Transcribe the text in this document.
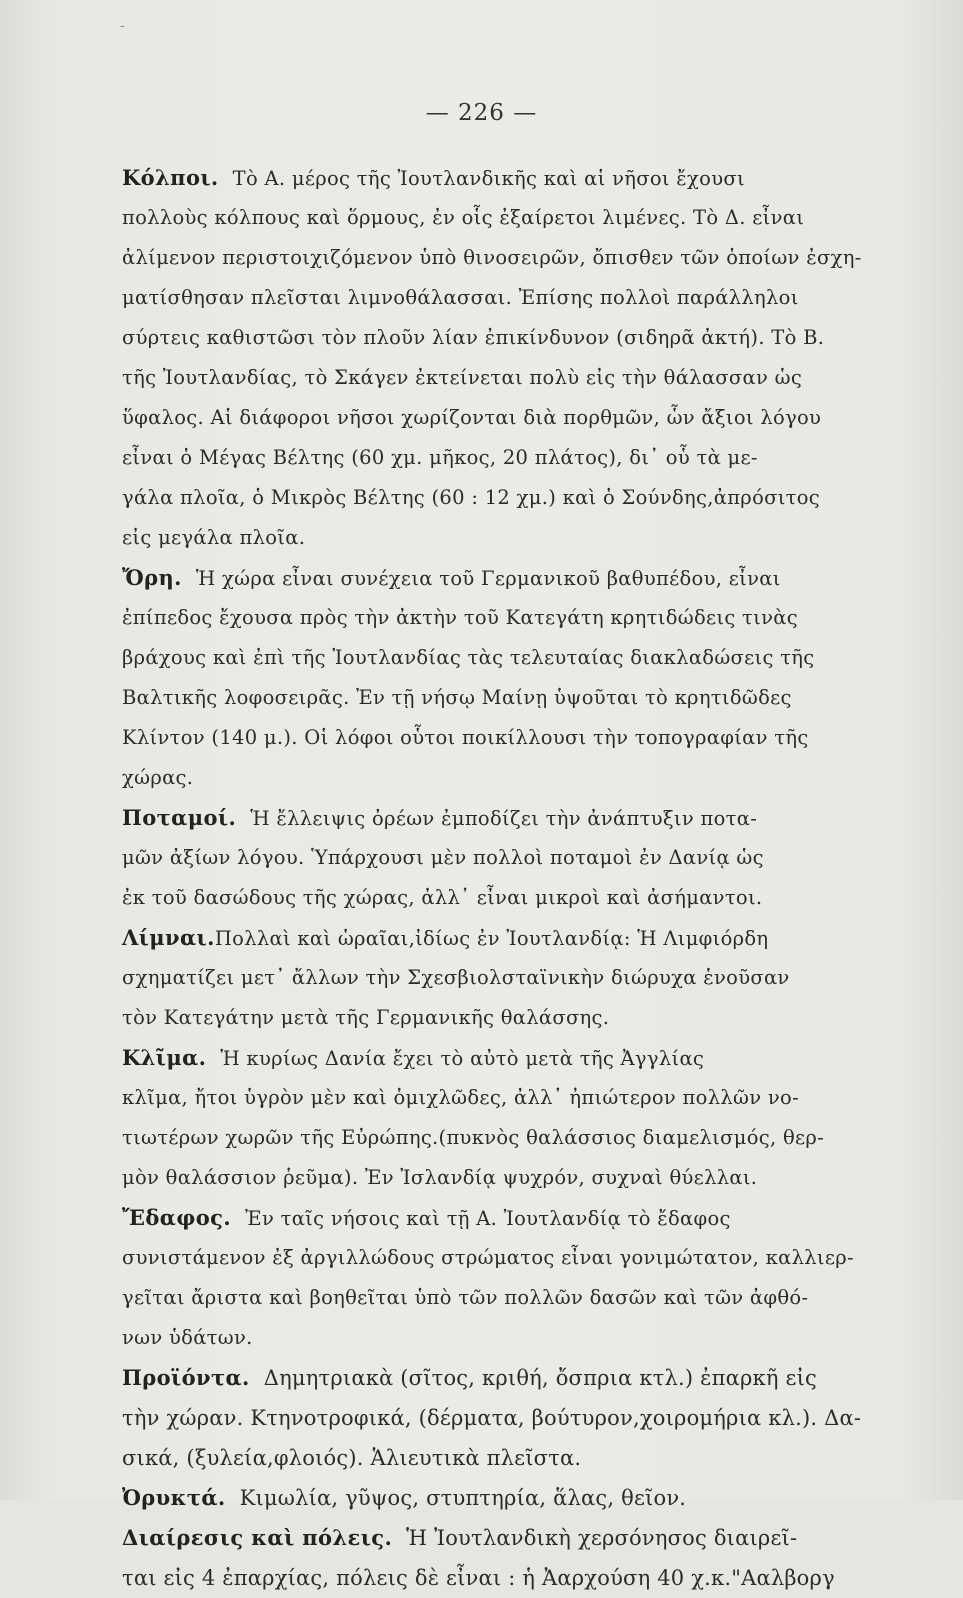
-
— 226 —
Κόλποι. Τὸ Α. μέρος τῆς Ἰουτλανδικῆς καὶ αἱ νῆσοι ἔχουσι
πολλοὺς κόλπους καὶ ὅρμους, ἐν οἷς ἐξαίρετοι λιμένες. Τὸ Δ. εἶναι
ἀλίμενον περιστοιχιζόμενον ὑπὸ θινοσειρῶν, ὄπισθεν τῶν ὁποίων ἐσχη-
ματίσθησαν πλεῖσται λιμνοθάλασσαι. Ἐπίσης πολλοὶ παράλληλοι
σύρτεις καθιστῶσι τὸν πλοῦν λίαν ἐπικίνδυνον (σιδηρᾶ ἀκτή). Τὸ Β.
τῆς Ἰουτλανδίας, τὸ Σκάγεν ἐκτείνεται πολὺ εἰς τὴν θάλασσαν ὡς
ὕφαλος. Αἱ διάφοροι νῆσοι χωρίζονται διὰ πορθμῶν, ὧν ἄξιοι λόγου
εἶναι ὁ Μέγας Βέλτης (60 χμ. μῆκος, 20 πλάτος), δι᾽ οὗ τὰ με-
γάλα πλοῖα, ὁ Μικρὸς Βέλτης (60 : 12 χμ.) καὶ ὁ Σούνδης,ἀπρόσιτος
εἰς μεγάλα πλοῖα.
Ὄρη. Ἡ χώρα εἶναι συνέχεια τοῦ Γερμανικοῦ βαθυπέδου, εἶναι
ἐπίπεδος ἔχουσα πρὸς τὴν ἀκτὴν τοῦ Κατεγάτη κρητιδώδεις τινὰς
βράχους καὶ ἐπὶ τῆς Ἰουτλανδίας τὰς τελευταίας διακλαδώσεις τῆς
Βαλτικῆς λοφοσειρᾶς. Ἐν τῇ νήσῳ Μαίνῃ ὑψοῦται τὸ κρητιδῶδες
Κλίντον (140 μ.). Οἱ λόφοι οὗτοι ποικίλλουσι τὴν τοπογραφίαν τῆς
χώρας.
Ποταμοί. Ἡ ἔλλειψις ὀρέων ἐμποδίζει τὴν ἀνάπτυξιν ποτα-
μῶν ἀξίων λόγου. Ὑπάρχουσι μὲν πολλοὶ ποταμοὶ ἐν Δανίᾳ ὡς
ἐκ τοῦ δασώδους τῆς χώρας, ἀλλ᾽ εἶναι μικροὶ καὶ ἀσήμαντοι.
Λίμναι.Πολλαὶ καὶ ὡραῖαι,ἰδίως ἐν Ἰουτλανδίᾳ: Ἡ Λιμφιόρδη
σχηματίζει μετ᾽ ἄλλων τὴν Σχεσβιολσταϊνικὴν διώρυχα ἑνοῦσαν
τὸν Κατεγάτην μετὰ τῆς Γερμανικῆς θαλάσσης.
Κλῖμα. Ἡ κυρίως Δανία ἔχει τὸ αὐτὸ μετὰ τῆς Ἀγγλίας
κλῖμα, ἤτοι ὑγρὸν μὲν καὶ ὁμιχλῶδες, ἀλλ᾽ ἠπιώτερον πολλῶν νο-
τιωτέρων χωρῶν τῆς Εὐρώπης.(πυκνὸς θαλάσσιος διαμελισμός, θερ-
μὸν θαλάσσιον ῥεῦμα). Ἐν Ἰσλανδίᾳ ψυχρόν, συχναὶ θύελλαι.
Ἔδαφος. Ἐν ταῖς νήσοις καὶ τῇ Α. Ἰουτλανδίᾳ τὸ ἔδαφος
συνιστάμενον ἐξ ἀργιλλώδους στρώματος εἶναι γονιμώτατον, καλλιερ-
γεῖται ἄριστα καὶ βοηθεῖται ὑπὸ τῶν πολλῶν δασῶν καὶ τῶν ἀφθό-
νων ὑδάτων.
Προϊόντα. Δημητριακὰ (σῖτος, κριθή, ὄσπρια κτλ.) ἐπαρκῆ εἰς
τὴν χώραν. Κτηνοτροφικά, (δέρματα, βούτυρον,χοιρομήρια κλ.). Δα-
σικά, (ξυλεία,φλοιός). Ἁλιευτικὰ πλεῖστα.
Ὀρυκτά. Κιμωλία, γῦψος, στυπτηρία, ἅλας, θεῖον.
Διαίρεσις καὶ πόλεις. Ἡ Ἰουτλανδικὴ χερσόνησος διαιρεῖ-
ται εἰς 4 ἐπαρχίας, πόλεις δὲ εἶναι : ἡ Ἀαρχούση 40 χ.κ."Ααλβοργ
